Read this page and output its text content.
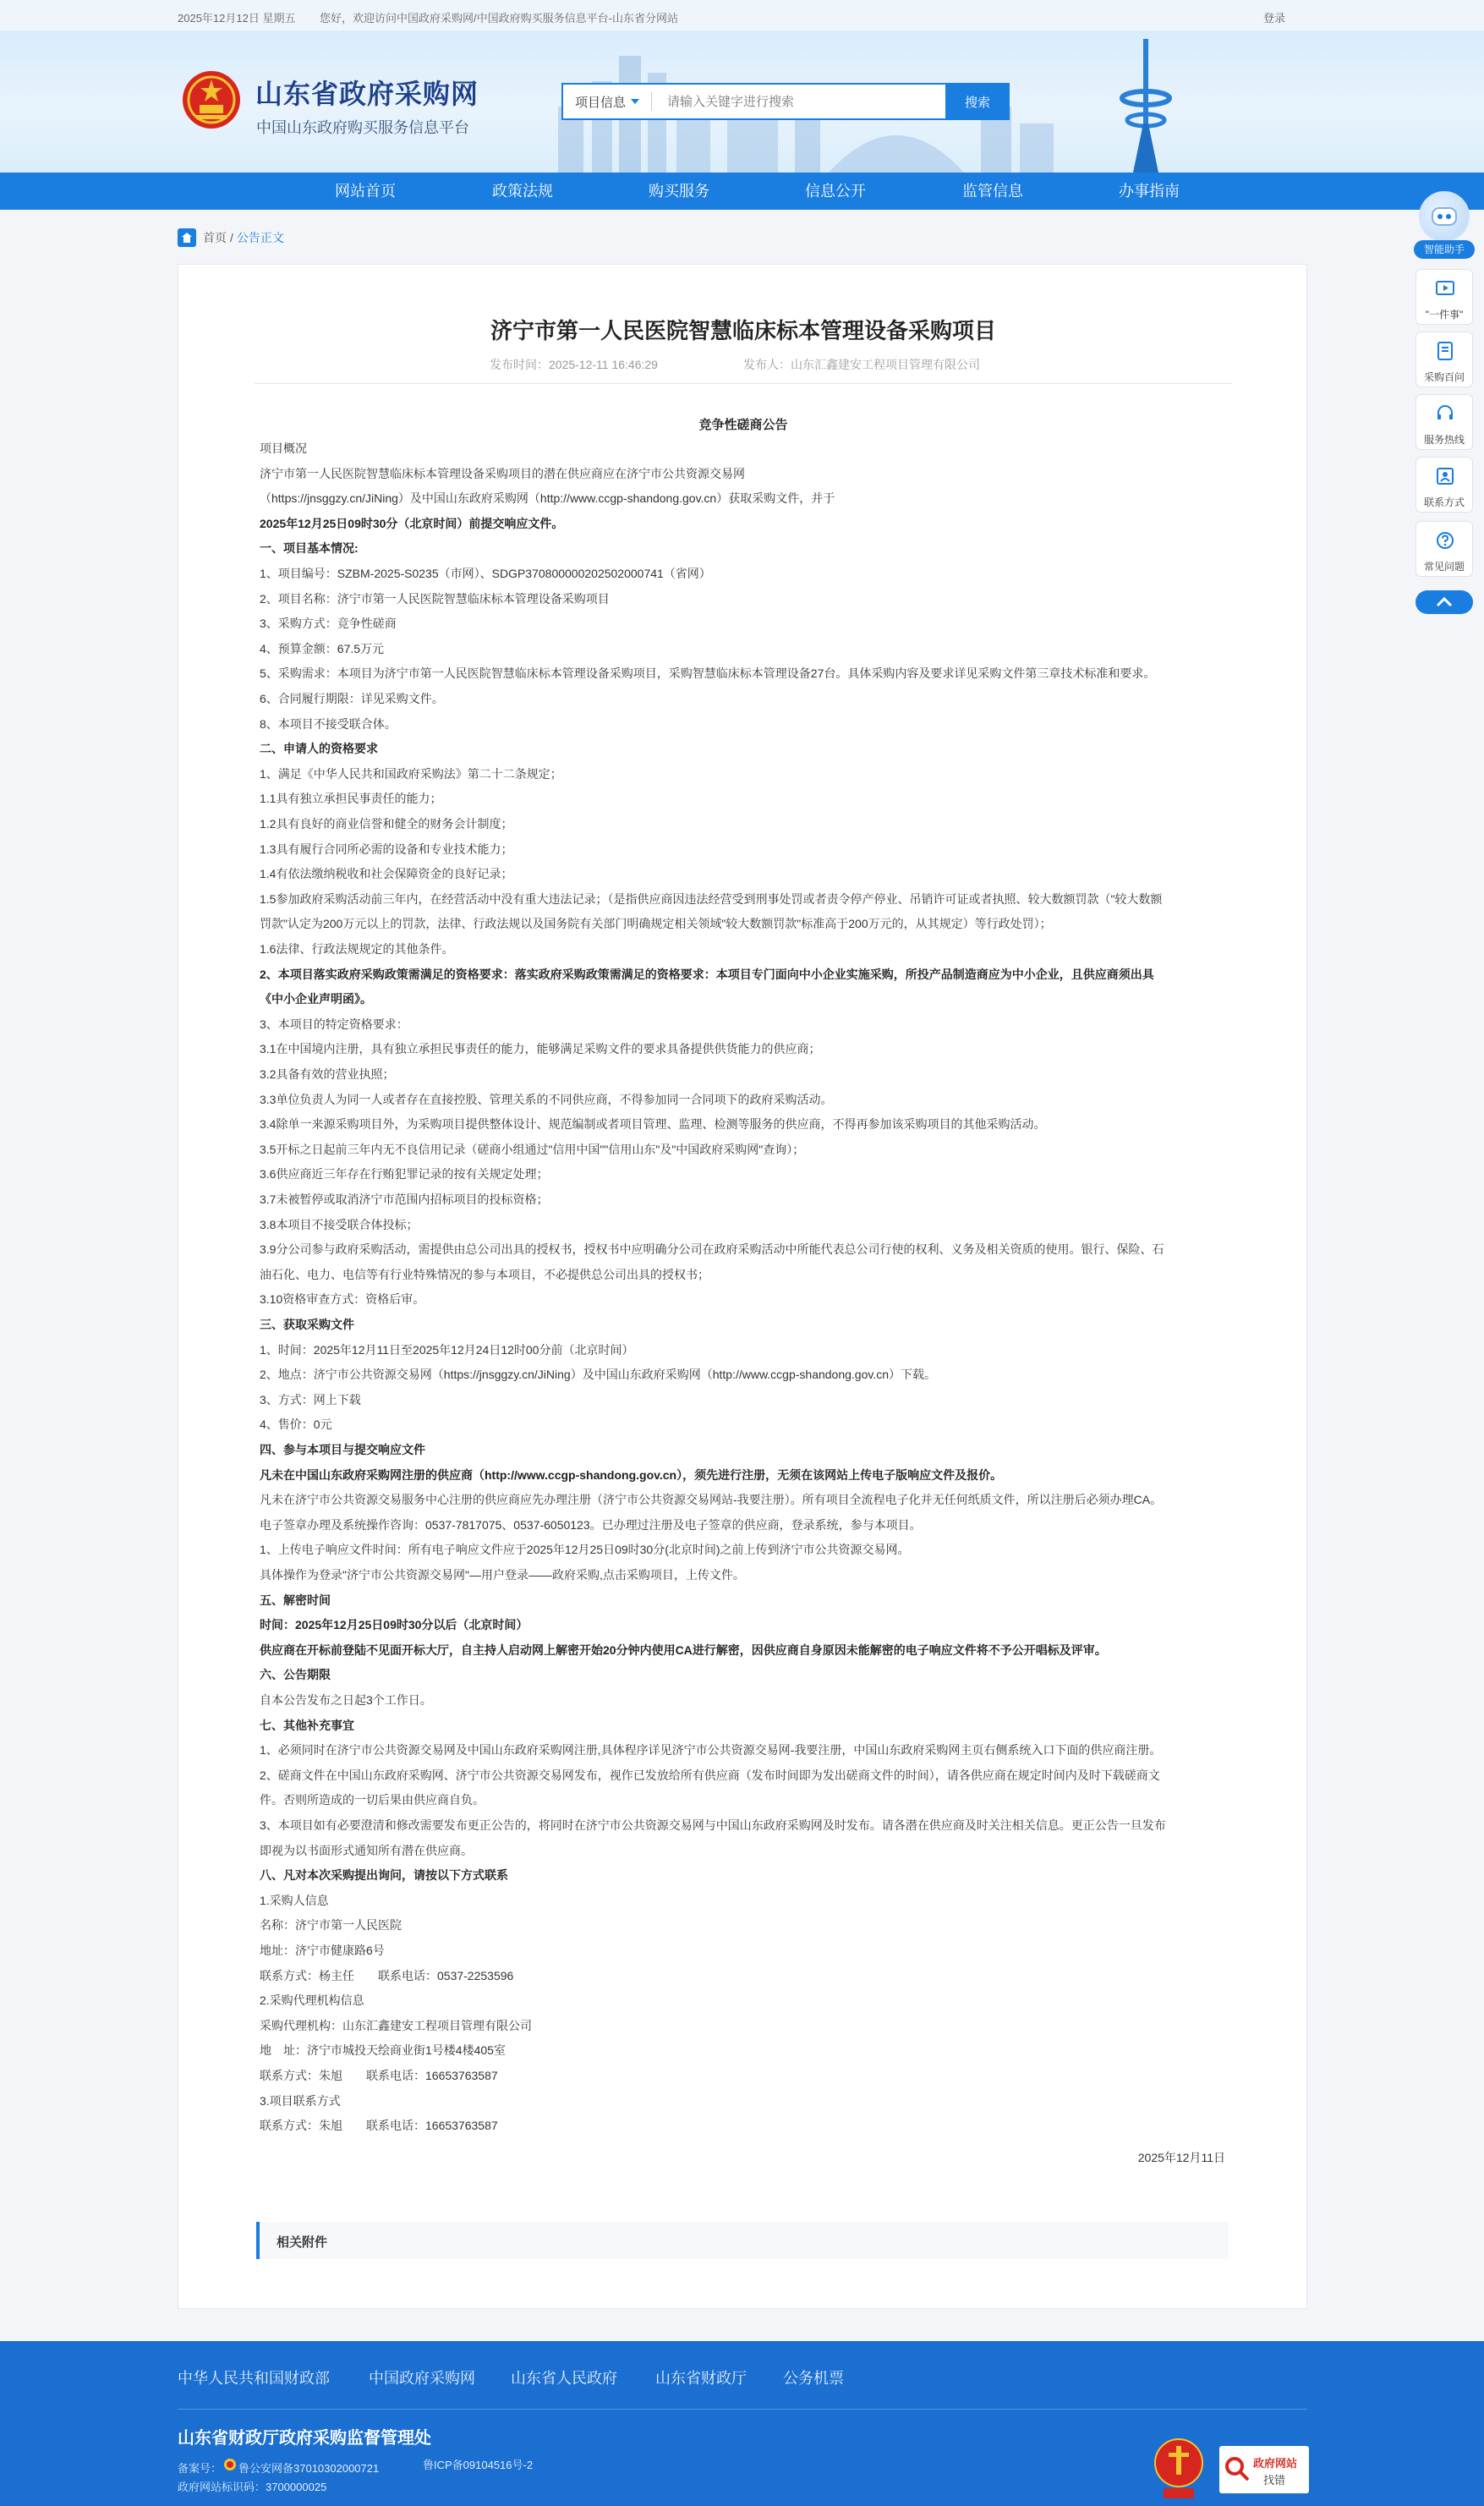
2025年12月12日 星期五 您好，欢迎访问中国政府采购网/中国政府购买服务信息平台-山东省分网站	登录
山东省政府采购网
中国山东政府购买服务信息平台
项目信息
请输入关键字进行搜索	搜索
网站首页	政策法规	购买服务	信息公开	监管信息	办事指南
首页 / 公告正文
济宁市第一人民医院智慧临床标本管理设备采购项目
发布时间：2025-12-11 16:46:29	发布人：山东汇鑫建安工程项目管理有限公司
竞争性磋商公告
项目概况
济宁市第一人民医院智慧临床标本管理设备采购项目的潜在供应商应在济宁市公共资源交易网
（https://jnsggzy.cn/JiNing）及中国山东政府采购网（http://www.ccgp-shandong.gov.cn）获取采购文件，并于
2025年12月25日09时30分（北京时间）前提交响应文件。
一、项目基本情况:
1、项目编号：SZBM-2025-S0235（市网）、SDGP370800000202502000741（省网）
2、项目名称：济宁市第一人民医院智慧临床标本管理设备采购项目
3、采购方式：竞争性磋商
4、预算金额：67.5万元
5、采购需求：本项目为济宁市第一人民医院智慧临床标本管理设备采购项目，采购智慧临床标本管理设备27台。具体采购内容及要求详见采购文件第三章技术标准和要求。
6、合同履行期限：详见采购文件。
8、本项目不接受联合体。
二、申请人的资格要求
1、满足《中华人民共和国政府采购法》第二十二条规定；
1.1具有独立承担民事责任的能力；
1.2具有良好的商业信誉和健全的财务会计制度；
1.3具有履行合同所必需的设备和专业技术能力；
1.4有依法缴纳税收和社会保障资金的良好记录；
1.5参加政府采购活动前三年内，在经营活动中没有重大违法记录；（是指供应商因违法经营受到刑事处罚或者责令停产停业、吊销许可证或者执照、较大数额罚款（"较大数额
罚款"认定为200万元以上的罚款，法律、行政法规以及国务院有关部门明确规定相关领域"较大数额罚款"标准高于200万元的，从其规定）等行政处罚）；
1.6法律、行政法规规定的其他条件。
2、本项目落实政府采购政策需满足的资格要求：落实政府采购政策需满足的资格要求：本项目专门面向中小企业实施采购，所投产品制造商应为中小企业，且供应商须出具
《中小企业声明函》。
3、本项目的特定资格要求：
3.1在中国境内注册，具有独立承担民事责任的能力，能够满足采购文件的要求具备提供供货能力的供应商；
3.2具备有效的营业执照；
3.3单位负责人为同一人或者存在直接控股、管理关系的不同供应商，不得参加同一合同项下的政府采购活动。
3.4除单一来源采购项目外，为采购项目提供整体设计、规范编制或者项目管理、监理、检测等服务的供应商，不得再参加该采购项目的其他采购活动。
3.5开标之日起前三年内无不良信用记录（磋商小组通过"信用中国""信用山东"及"中国政府采购网"查询）；
3.6供应商近三年存在行贿犯罪记录的按有关规定处理；
3.7未被暂停或取消济宁市范围内招标项目的投标资格；
3.8本项目不接受联合体投标；
3.9分公司参与政府采购活动，需提供由总公司出具的授权书，授权书中应明确分公司在政府采购活动中所能代表总公司行使的权利、义务及相关资质的使用。银行、保险、石
油石化、电力、电信等有行业特殊情况的参与本项目，不必提供总公司出具的授权书；
3.10资格审查方式：资格后审。
三、获取采购文件
1、时间：2025年12月11日至2025年12月24日12时00分前（北京时间）
2、地点：济宁市公共资源交易网（https://jnsggzy.cn/JiNing）及中国山东政府采购网（http://www.ccgp-shandong.gov.cn）下载。
3、方式：网上下载
4、售价：0元
四、参与本项目与提交响应文件
凡未在中国山东政府采购网注册的供应商（http://www.ccgp-shandong.gov.cn），须先进行注册，无须在该网站上传电子版响应文件及报价。
凡未在济宁市公共资源交易服务中心注册的供应商应先办理注册（济宁市公共资源交易网站-我要注册）。所有项目全流程电子化并无任何纸质文件，所以注册后必须办理CA。
电子签章办理及系统操作咨询：0537-7817075、0537-6050123。已办理过注册及电子签章的供应商，登录系统，参与本项目。
1、上传电子响应文件时间：所有电子响应文件应于2025年12月25日09时30分(北京时间)之前上传到济宁市公共资源交易网。
具体操作为登录"济宁市公共资源交易网"—用户登录——政府采购,点击采购项目，上传文件。
五、解密时间
时间：2025年12月25日09时30分以后（北京时间）
供应商在开标前登陆不见面开标大厅，自主持人启动网上解密开始20分钟内使用CA进行解密，因供应商自身原因未能解密的电子响应文件将不予公开唱标及评审。
六、公告期限
自本公告发布之日起3个工作日。
七、其他补充事宜
1、必须同时在济宁市公共资源交易网及中国山东政府采购网注册,具体程序详见济宁市公共资源交易网-我要注册，中国山东政府采购网主页右侧系统入口下面的供应商注册。
2、磋商文件在中国山东政府采购网、济宁市公共资源交易网发布，视作已发放给所有供应商（发布时间即为发出磋商文件的时间），请各供应商在规定时间内及时下载磋商文
件。否则所造成的一切后果由供应商自负。
3、本项目如有必要澄清和修改需要发布更正公告的，将同时在济宁市公共资源交易网与中国山东政府采购网及时发布。请各潜在供应商及时关注相关信息。更正公告一旦发布
即视为以书面形式通知所有潜在供应商。
八、凡对本次采购提出询问，请按以下方式联系
1.采购人信息
名称：济宁市第一人民医院
地址：济宁市健康路6号
联系方式：杨主任　　联系电话：0537-2253596
2.采购代理机构信息
采购代理机构：山东汇鑫建安工程项目管理有限公司
地　址：济宁市城投天绘商业街1号楼4楼405室
联系方式：朱旭　　联系电话：16653763587
3.项目联系方式
联系方式：朱旭　　联系电话：16653763587
2025年12月11日
相关附件
智能助手
"一件事"
采购百问
服务热线
联系方式
常见问题
中华人民共和国财政部	中国政府采购网 山东省人民政府	山东省财政厅 公务机票
山东省财政厅政府采购监督管理处
备案号： 鲁公安网备37010302000721	鲁ICP备09104516号-2
政府网站标识码：3700000025
政府网站
找错
